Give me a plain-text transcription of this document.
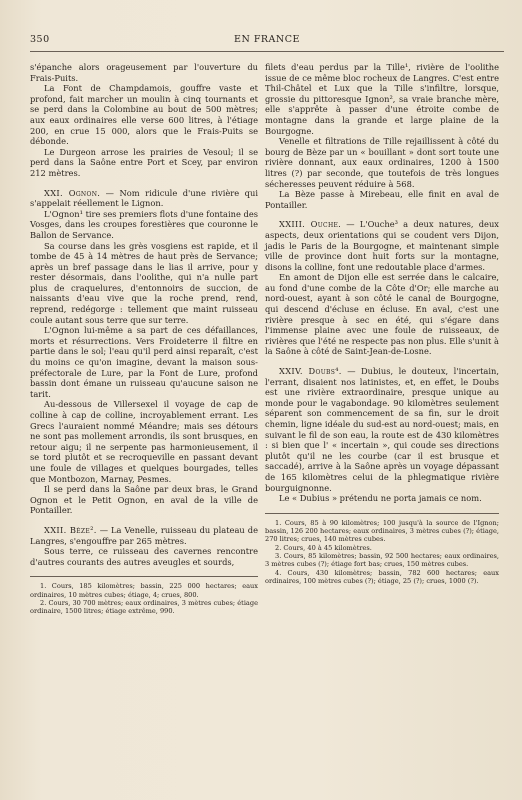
350	EN FRANCE

s'épanche alors orageusement par l'ouverture du Frais-Puits.

La Font de Champdamois, gouffre vaste et profond, fait marcher un moulin à cinq tournants et se perd dans la Colombine au bout de 500 mètres; aux eaux ordinaires elle verse 600 litres, à l'étiage 200, en crue 15 000, alors que le Frais-Puits se débonde.

Le Durgeon arrose les prairies de Vesoul; il se perd dans la Saône entre Port et Scey, par environ 212 mètres.

XXI. Ognon. — Nom ridicule d'une rivière qui s'appelait réellement le Lignon.

L'Ognon¹ tire ses premiers flots d'une fontaine des Vosges, dans les croupes forestières que couronne le Ballon de Servance.

Sa course dans les grès vosgiens est rapide, et il tombe de 45 à 14 mètres de haut près de Servance; après un bref passage dans le lias il arrive, pour y rester désormais, dans l'oolithe, qui n'a nulle part plus de craquelures, d'entonnoirs de succion, de naissants d'eau vive que la roche prend, rend, reprend, redégorge : tellement que maint ruisseau coule autant sous terre que sur terre.

L'Ognon lui-même a sa part de ces défaillances, morts et résurrections. Vers Froideterre il filtre en partie dans le sol; l'eau qu'il perd ainsi reparaît, c'est du moins ce qu'on imagine, devant la maison sous-préfectorale de Lure, par la Font de Lure, profond bassin dont émane un ruisseau qu'aucune saison ne tarit.

Au-dessous de Villersexel il voyage de cap de colline à cap de colline, incroyablement errant. Les Grecs l'auraient nommé Méandre; mais ses détours ne sont pas mollement arrondis, ils sont brusques, en retour aigu; il ne serpente pas harmonieusement, il se tord plutôt et se recroqueville en passant devant une foule de villages et quelques bourgades, telles que Montbozon, Marnay, Pesmes.

Il se perd dans la Saône par deux bras, le Grand Ognon et le Petit Ognon, en aval de la ville de Pontailler.

XXII. Bèze². — La Venelle, ruisseau du plateau de Langres, s'engouffre par 265 mètres.

Sous terre, ce ruisseau des cavernes rencontre d'autres courants des autres aveugles et sourds,

1. Cours, 185 kilomètres; bassin, 225 000 hectares; eaux ordinaires, 10 mètres cubes; étiage, 4; crues, 800.

2. Cours, 30 700 mètres; eaux ordinaires, 3 mètres cubes; étiage ordinaire, 1500 litres; étiage extrême, 990.

filets d'eau perdus par la Tille¹, rivière de l'oolithe issue de ce même bloc rocheux de Langres. C'est entre Thil-Châtel et Lux que la Tille s'infiltre, lorsque, grossie du pittoresque Ignon², sa vraie branche mère, elle s'apprête à passer d'une étroite combe de montagne dans la grande et large plaine de la Bourgogne.

Venelle et filtrations de Tille rejaillissent à côté du bourg de Bèze par un « bouillant » dont sort toute une rivière donnant, aux eaux ordinaires, 1200 à 1500 litres (?) par seconde, que toutefois de très longues sécheresses peuvent réduire à 568.

La Bèze passe à Mirebeau, elle finit en aval de Pontailler.

XXIII. Ouche. — L'Ouche³ a deux natures, deux aspects, deux orientations qui se coudent vers Dijon, jadis le Paris de la Bourgogne, et maintenant simple ville de province dont huit forts sur la montagne, disons la colline, font une redoutable place d'armes.

En amont de Dijon elle est serrée dans le calcaire, au fond d'une combe de la Côte d'Or; elle marche au nord-ouest, ayant à son côté le canal de Bourgogne, qui descend d'écluse en écluse. En aval, c'est une rivière presque à sec en été, qui s'égare dans l'immense plaine avec une foule de ruisseaux, de rivières que l'été ne respecte pas non plus. Elle s'unit à la Saône à côté de Saint-Jean-de-Losne.

XXIV. Doubs⁴. — Dubius, le douteux, l'incertain, l'errant, disaient nos latinistes, et, en effet, le Doubs est une rivière extraordinaire, presque unique au monde pour le vagabondage. 90 kilomètres seulement séparent son commencement de sa fin, sur le droit chemin, ligne idéale du sud-est au nord-ouest; mais, en suivant le fil de son eau, la route est de 430 kilomètres : si bien que l' « incertain », qui coude ses directions plutôt qu'il ne les courbe (car il est brusque et saccadé), arrive à la Saône après un voyage dépassant de 165 kilomètres celui de la phlegmatique rivière bourguignonne.

Le « Dubius » prétendu ne porta jamais ce nom.

1. Cours, 85 à 90 kilomètres; 100 jusqu'à la source de l'Ignon; bassin, 126 200 hectares; eaux ordinaires, 3 mètres cubes (?); étiage, 270 litres; crues, 140 mètres cubes.

2. Cours, 40 à 45 kilomètres.

3. Cours, 85 kilomètres; bassin, 92 500 hectares; eaux ordinaires, 3 mètres cubes (?); étiage fort bas; crues, 150 mètres cubes.

4. Cours, 430 kilomètres; bassin, 782 600 hectares; eaux ordinaires, 100 mètres cubes (?); étiage, 25 (?); crues, 1000 (?).
